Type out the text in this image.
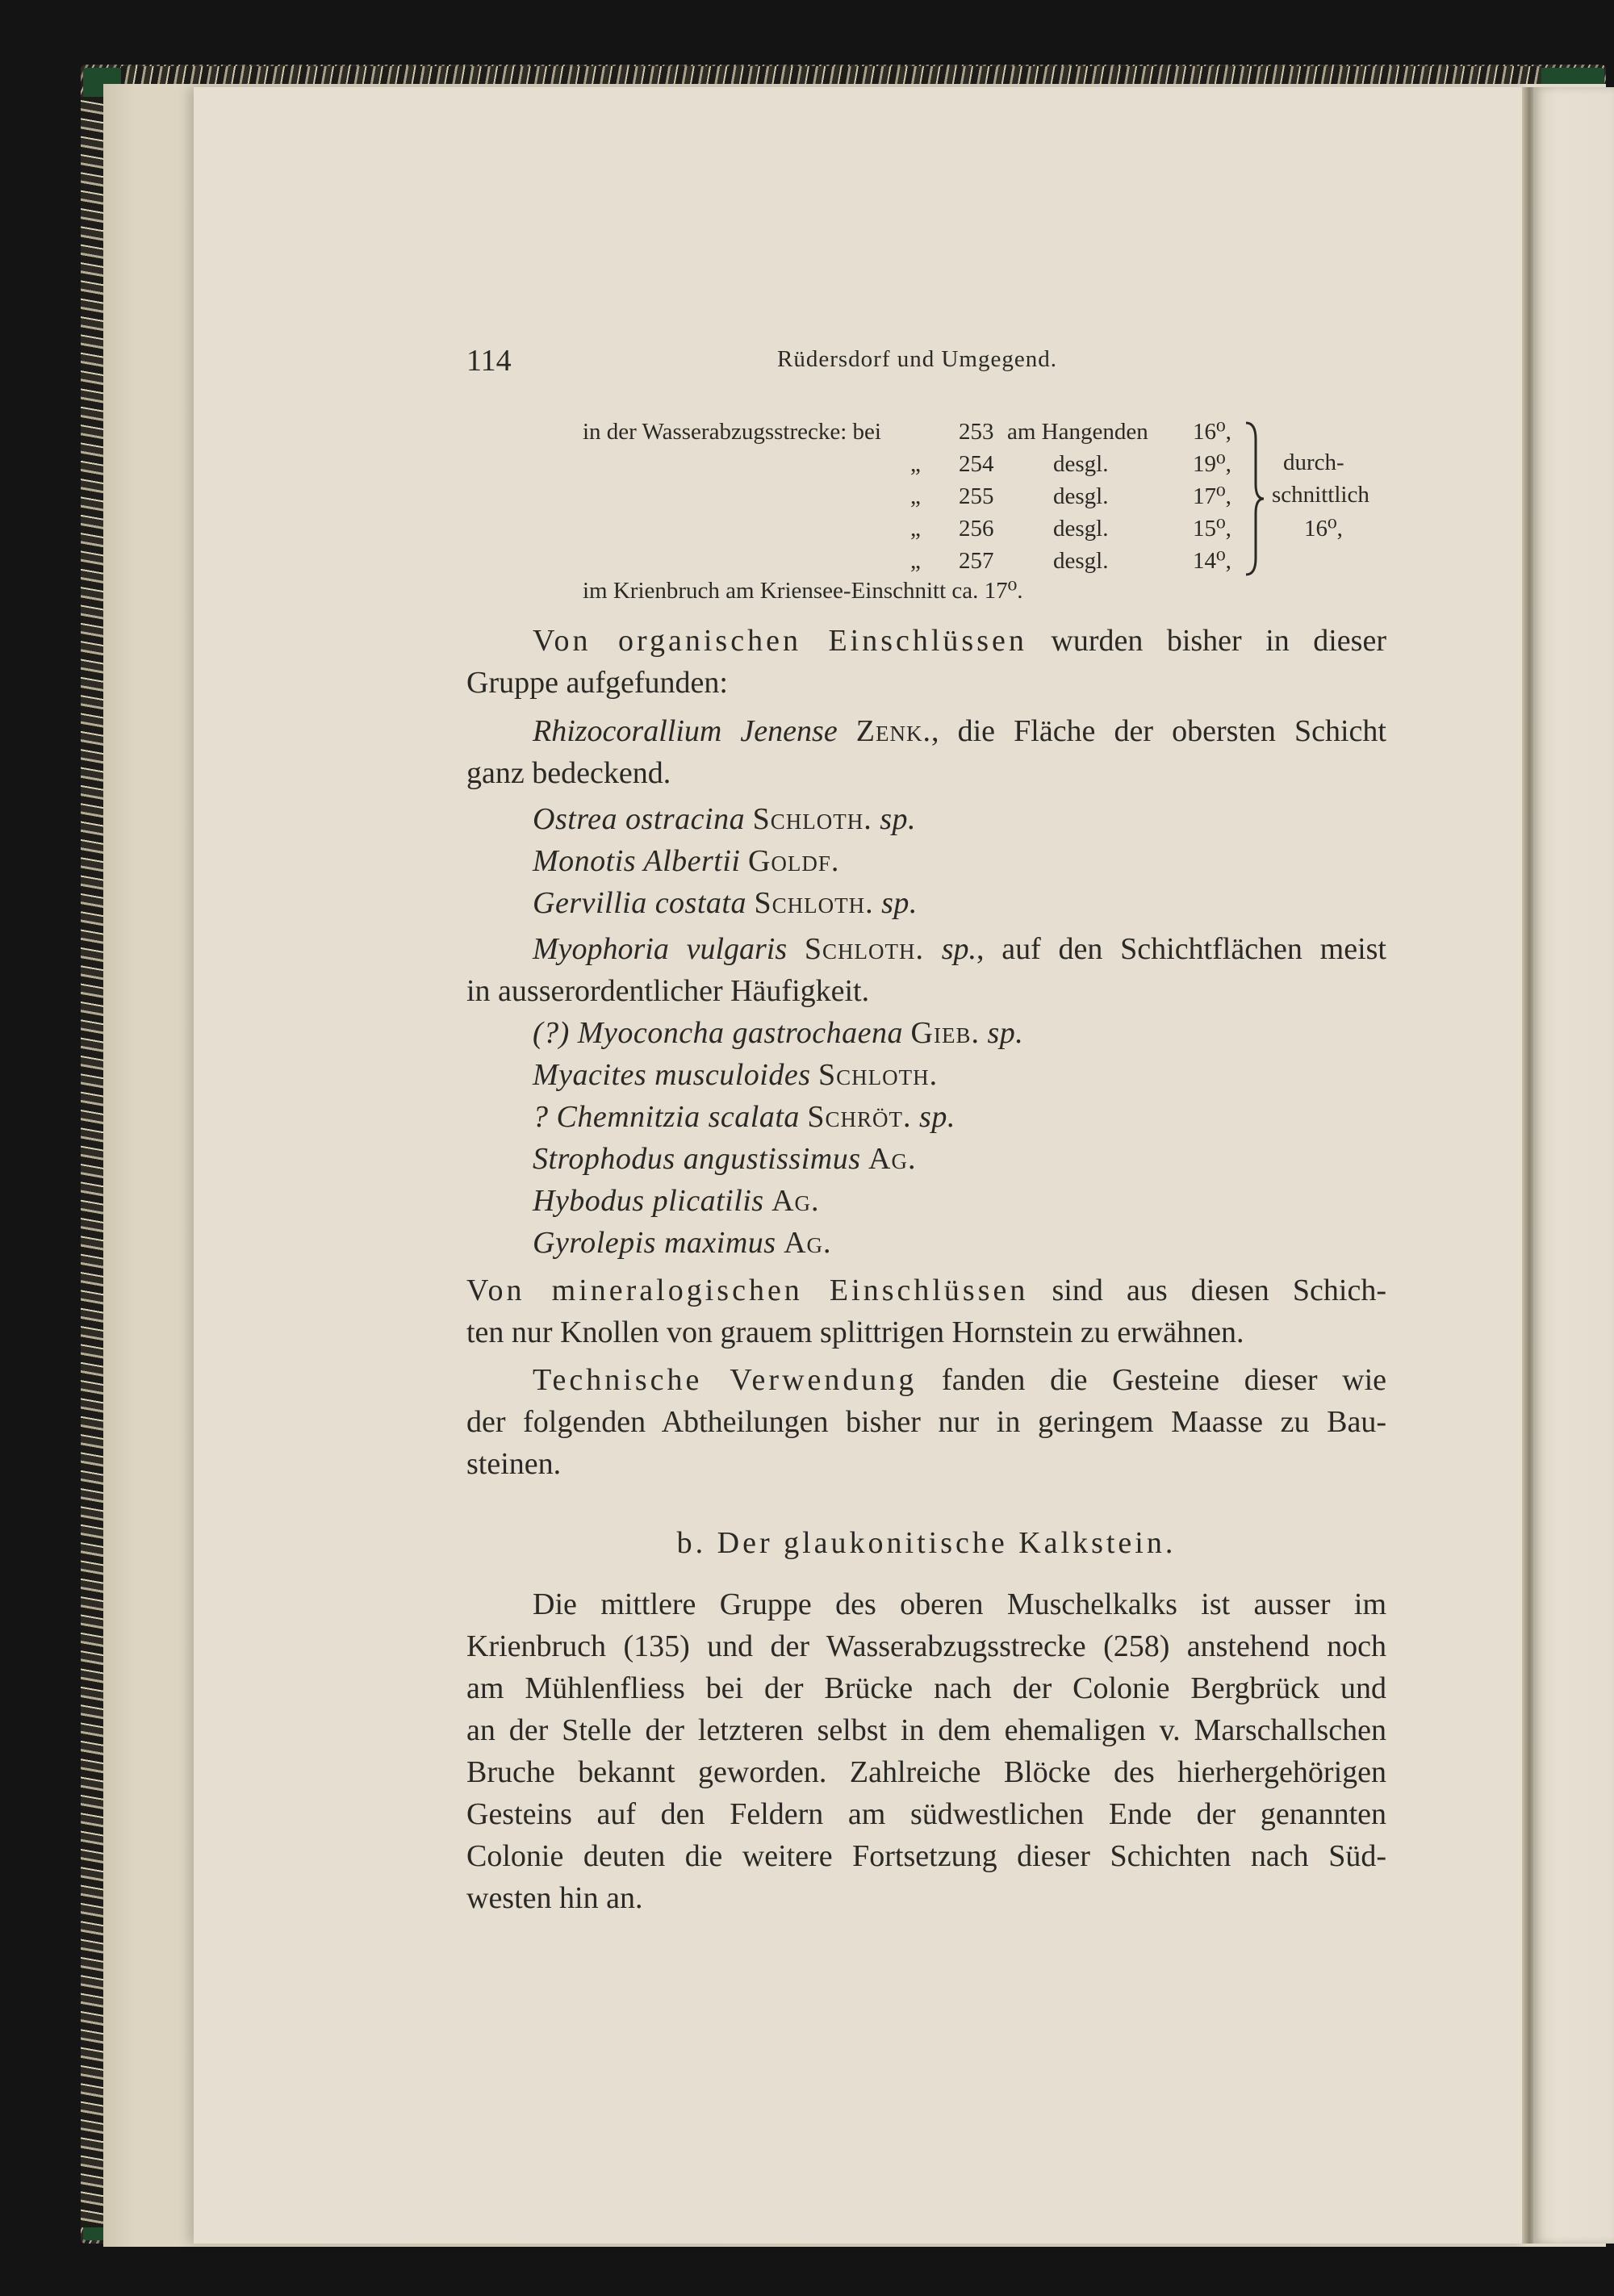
114	Rüdersdorf und Umgegend.
in der Wasserabzugsstrecke: bei	253 am Hangenden 16⁰,
„ 254	desgl.	19⁰,
„ 255	desgl.	17⁰,
„ 256	desgl.	15⁰,
„ 257	desgl.	14⁰,
durch-
schnittlich
16⁰,
im Krienbruch am Kriensee-Einschnitt ca. 17⁰.
Von organischen Einschlüssen wurden bisher in dieser
Gruppe aufgefunden:
Rhizocorallium Jenense Zenk., die Fläche der obersten Schicht
ganz bedeckend.
Ostrea ostracina Schloth. sp.
Monotis Albertii Goldf.
Gervillia costata Schloth. sp.
Myophoria vulgaris Schloth. sp., auf den Schichtflächen meist
in ausserordentlicher Häufigkeit.
(?) Myoconcha gastrochaena Gieb. sp.
Myacites musculoides Schloth.
? Chemnitzia scalata Schröt. sp.
Strophodus angustissimus Ag.
Hybodus plicatilis Ag.
Gyrolepis maximus Ag.
Von mineralogischen Einschlüssen sind aus diesen Schich-
ten nur Knollen von grauem splittrigen Hornstein zu erwähnen.
Technische Verwendung fanden die Gesteine dieser wie
der folgenden Abtheilungen bisher nur in geringem Maasse zu Bau-
steinen.
b. Der glaukonitische Kalkstein.
Die mittlere Gruppe des oberen Muschelkalks ist ausser im
Krienbruch (135) und der Wasserabzugsstrecke (258) anstehend noch
am Mühlenfliess bei der Brücke nach der Colonie Bergbrück und
an der Stelle der letzteren selbst in dem ehemaligen v. Marschallschen
Bruche bekannt geworden. Zahlreiche Blöcke des hierhergehörigen
Gesteins auf den Feldern am südwestlichen Ende der genannten
Colonie deuten die weitere Fortsetzung dieser Schichten nach Süd-
westen hin an.
